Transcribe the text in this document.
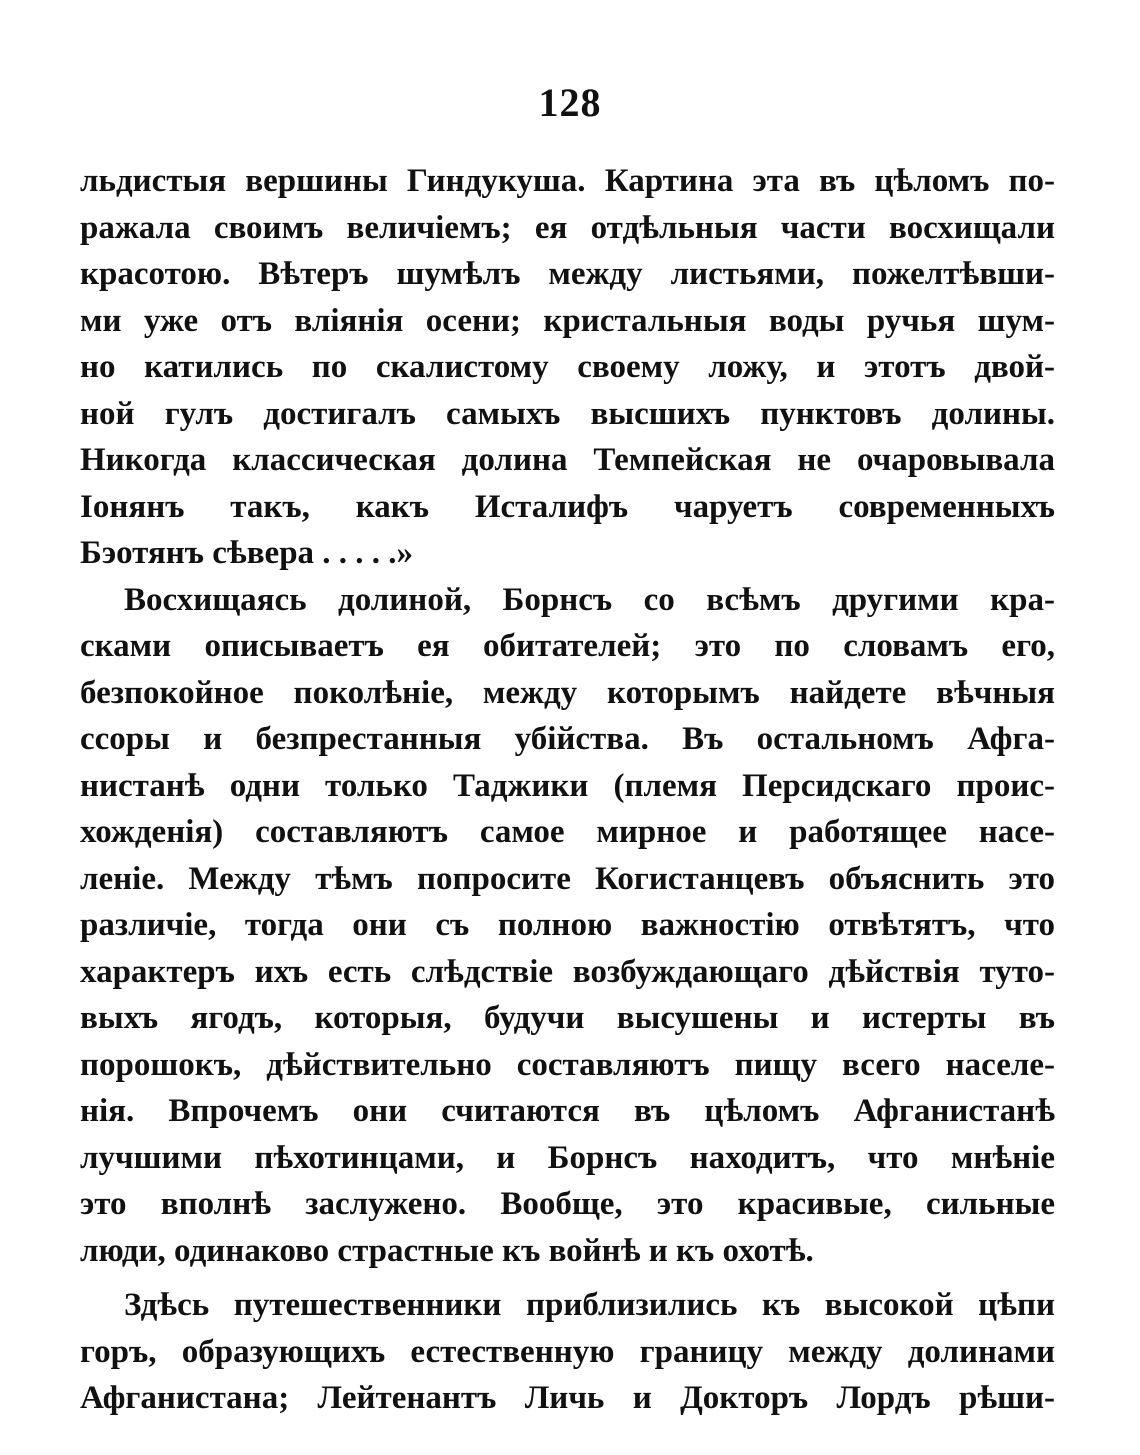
128
льдистыя вершины Гиндукуша. Картина эта въ цѣломъ по-
ражала своимъ величіемъ; ея отдѣльныя части восхищали
красотою. Вѣтеръ шумѣлъ между листьями, пожелтѣвши-
ми уже отъ вліянія осени; кристальныя воды ручья шум-
но катились по скалистому своему ложу, и этотъ двой-
ной гулъ достигалъ самыхъ высшихъ пунктовъ долины.
Никогда классическая долина Темпейская не очаровывала
Іонянъ такъ, какъ Исталифъ чаруетъ современныхъ
Бэотянъ сѣвера . . . . .»
Восхищаясь долиной, Борнсъ со всѣмъ другими кра-
сками описываетъ ея обитателей; это по словамъ его,
безпокойное поколѣніе, между которымъ найдете вѣчныя
ссоры и безпрестанныя убійства. Въ остальномъ Афга-
нистанѣ одни только Таджики (племя Персидскаго проис-
хожденія) составляютъ самое мирное и работящее насе-
леніе. Между тѣмъ попросите Когистанцевъ объяснить это
различіе, тогда они съ полною важностію отвѣтятъ, что
характеръ ихъ есть слѣдствіе возбуждающаго дѣйствія туто-
выхъ ягодъ, которыя, будучи высушены и истерты въ
порошокъ, дѣйствительно составляютъ пищу всего населе-
нія. Впрочемъ они считаются въ цѣломъ Афганистанѣ
лучшими пѣхотинцами, и Борнсъ находитъ, что мнѣніе
это вполнѣ заслужено. Вообще, это красивые, сильные
люди, одинаково страстные къ войнѣ и къ охотѣ.
Здѣсь путешественники приблизились къ высокой цѣпи
горъ, образующихъ естественную границу между долинами
Афганистана; Лейтенантъ Личь и Докторъ Лордъ рѣши-
